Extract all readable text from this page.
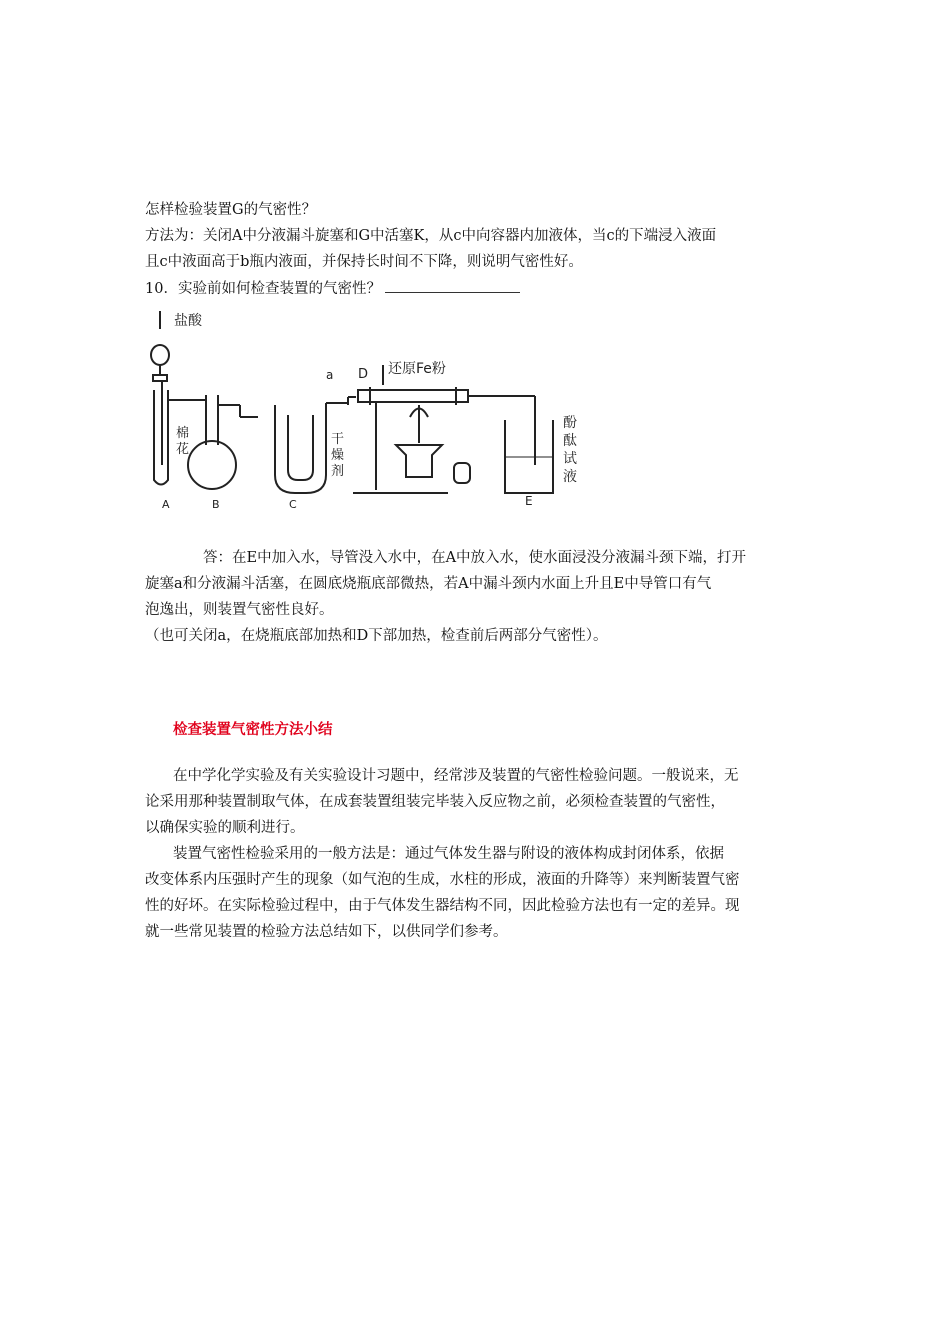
怎样检验装置G的气密性？
方法为：关闭A中分液漏斗旋塞和G中活塞K，从c中向容器内加液体，当c的下端浸入液面
且c中液面高于b瓶内液面，并保持长时间不下降，则说明气密性好。
10．实验前如何检查装置的气密性？
盐酸
a D 还原Fe粉
棉
花
干
燥
剂
酚
酞
试
液
A	B	C	E
答：在E中加入水，导管没入水中，在A中放入水，使水面浸没分液漏斗颈下端，打开
旋塞a和分液漏斗活塞，在圆底烧瓶底部微热，若A中漏斗颈内水面上升且E中导管口有气
泡逸出，则装置气密性良好。
（也可关闭a，在烧瓶底部加热和D下部加热，检查前后两部分气密性）。
检查装置气密性方法小结
在中学化学实验及有关实验设计习题中，经常涉及装置的气密性检验问题。一般说来，无
论采用那种装置制取气体，在成套装置组装完毕装入反应物之前，必须检查装置的气密性，
以确保实验的顺利进行。
装置气密性检验采用的一般方法是：通过气体发生器与附设的液体构成封闭体系，依据
改变体系内压强时产生的现象（如气泡的生成，水柱的形成，液面的升降等）来判断装置气密
性的好坏。在实际检验过程中，由于气体发生器结构不同，因此检验方法也有一定的差异。现
就一些常见装置的检验方法总结如下，以供同学们参考。
